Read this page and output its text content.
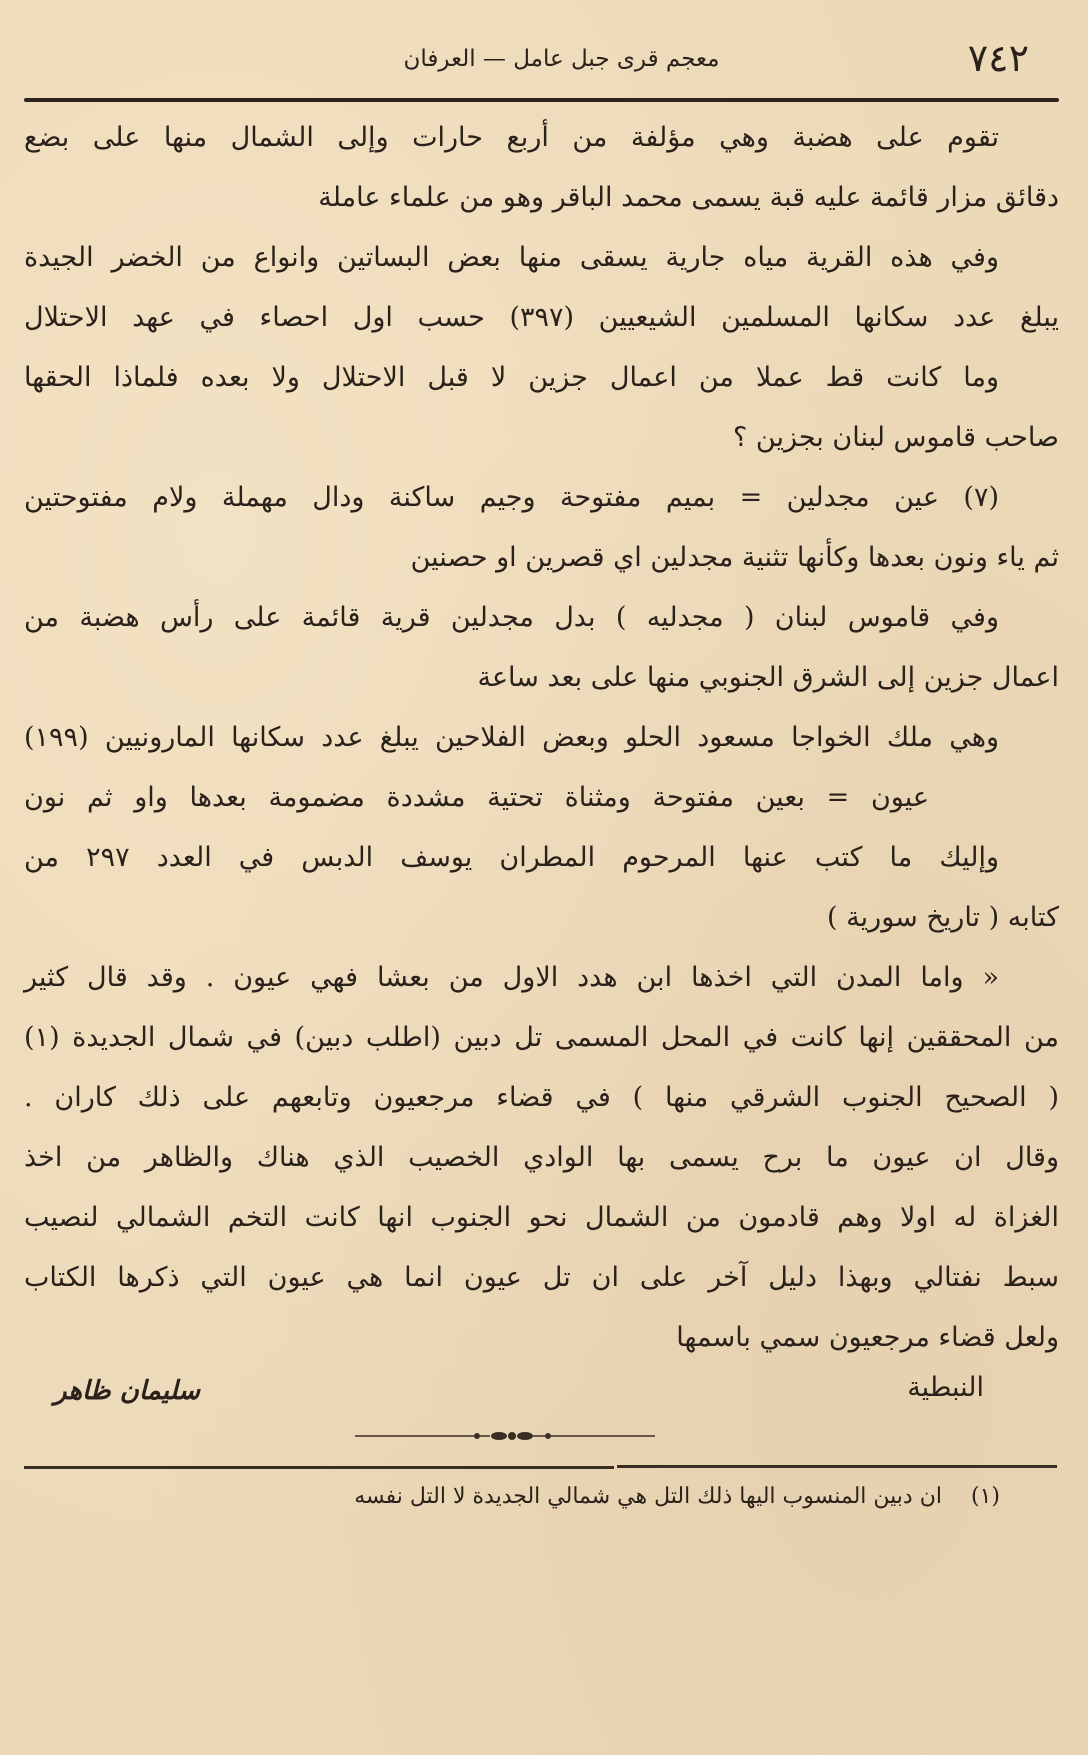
٧٤٢
معجم قرى جبل عامل — العرفان
تقوم على هضبة وهي مؤلفة من أربع حارات وإلى الشمال منها على بضع
دقائق مزار قائمة عليه قبة يسمى محمد الباقر وهو من علماء عاملة
وفي هذه القرية مياه جارية يسقى منها بعض البساتين وانواع من الخضر الجيدة
يبلغ عدد سكانها المسلمين الشيعيين (٣٩٧) حسب اول احصاء في عهد الاحتلال
وما كانت قط عملا من اعمال جزين لا قبل الاحتلال ولا بعده فلماذا الحقها
صاحب قاموس لبنان بجزين ؟
(٧) عين مجدلين = بميم مفتوحة وجيم ساكنة ودال مهملة ولام مفتوحتين
ثم ياء ونون بعدها وكأنها تثنية مجدلين اي قصرين او حصنين
وفي قاموس لبنان ( مجدليه ) بدل مجدلين قرية قائمة على رأس هضبة من
اعمال جزين إلى الشرق الجنوبي منها على بعد ساعة
وهي ملك الخواجا مسعود الحلو وبعض الفلاحين يبلغ عدد سكانها المارونيين (١٩٩)
عيون = بعين مفتوحة ومثناة تحتية مشددة مضمومة بعدها واو ثم نون
وإليك ما كتب عنها المرحوم المطران يوسف الدبس في العدد ٢٩٧ من
كتابه ( تاريخ سورية )
« واما المدن التي اخذها ابن هدد الاول من بعشا فهي عيون . وقد قال كثير
من المحققين إنها كانت في المحل المسمى تل دبين (اطلب دبين) في شمال الجديدة (١)
( الصحيح الجنوب الشرقي منها ) في قضاء مرجعيون وتابعهم على ذلك كاران .
وقال ان عيون ما برح يسمى بها الوادي الخصيب الذي هناك والظاهر من اخذ
الغزاة له اولا وهم قادمون من الشمال نحو الجنوب انها كانت التخم الشمالي لنصيب
سبط نفتالي وبهذا دليل آخر على ان تل عيون انما هي عيون التي ذكرها الكتاب
ولعل قضاء مرجعيون سمي باسمها
النبطية
سليمان ظاهر
(١) ان دبين المنسوب اليها ذلك التل هي شمالي الجديدة لا التل نفسه
